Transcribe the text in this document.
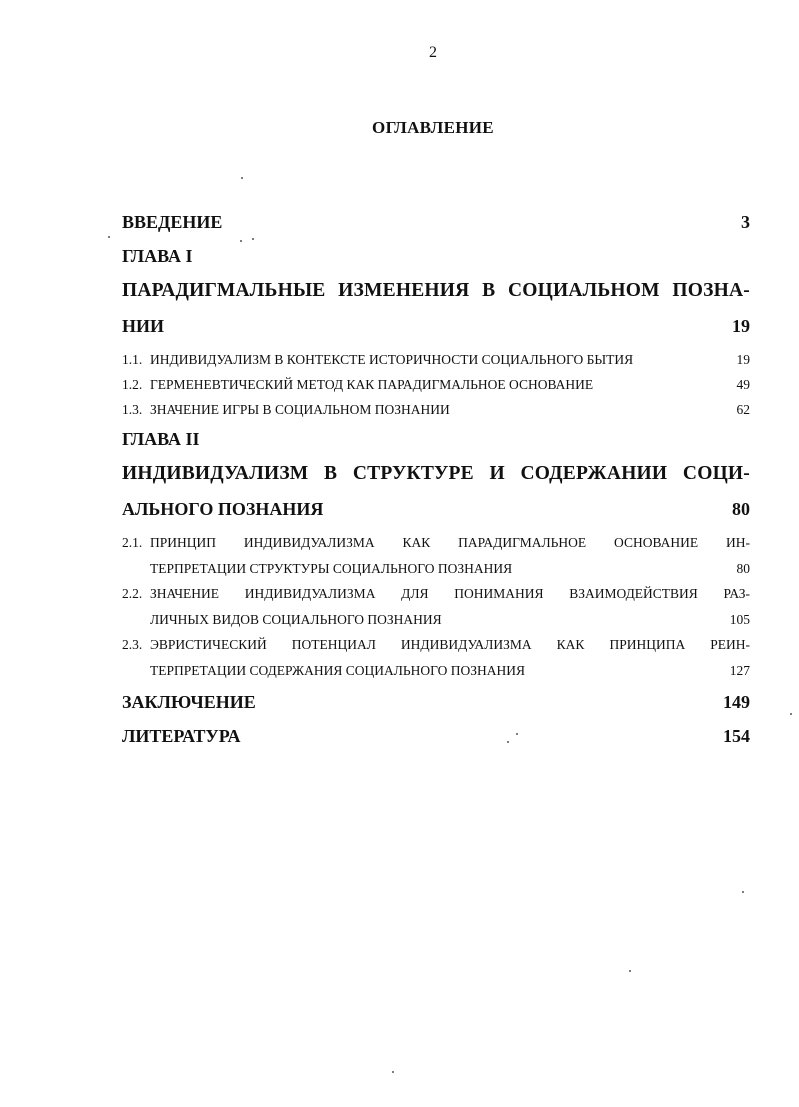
2
ОГЛАВЛЕНИЕ
ВВЕДЕНИЕ	3
ГЛАВА I
ПАРАДИГМАЛЬНЫЕ ИЗМЕНЕНИЯ В СОЦИАЛЬНОМ ПОЗНА-
НИИ	19
1.1. ИНДИВИДУАЛИЗМ В КОНТЕКСТЕ ИСТОРИЧНОСТИ СОЦИАЛЬНОГО БЫТИЯ	19
1.2. ГЕРМЕНЕВТИЧЕСКИЙ МЕТОД КАК ПАРАДИГМАЛЬНОЕ ОСНОВАНИЕ	49
1.3. ЗНАЧЕНИЕ ИГРЫ В СОЦИАЛЬНОМ ПОЗНАНИИ	62
ГЛАВА II
ИНДИВИДУАЛИЗМ В СТРУКТУРЕ И СОДЕРЖАНИИ СОЦИ-
АЛЬНОГО ПОЗНАНИЯ	80
2.1. ПРИНЦИП ИНДИВИДУАЛИЗМА КАК ПАРАДИГМАЛЬНОЕ ОСНОВАНИЕ ИН-
ТЕРПРЕТАЦИИ СТРУКТУРЫ СОЦИАЛЬНОГО ПОЗНАНИЯ	80
2.2. ЗНАЧЕНИЕ ИНДИВИДУАЛИЗМА ДЛЯ ПОНИМАНИЯ ВЗАИМОДЕЙСТВИЯ РАЗ-
ЛИЧНЫХ ВИДОВ СОЦИАЛЬНОГО ПОЗНАНИЯ	105
2.3. ЭВРИСТИЧЕСКИЙ ПОТЕНЦИАЛ ИНДИВИДУАЛИЗМА КАК ПРИНЦИПА РЕИН-
ТЕРПРЕТАЦИИ СОДЕРЖАНИЯ СОЦИАЛЬНОГО ПОЗНАНИЯ	127
ЗАКЛЮЧЕНИЕ	149
ЛИТЕРАТУРА	154
